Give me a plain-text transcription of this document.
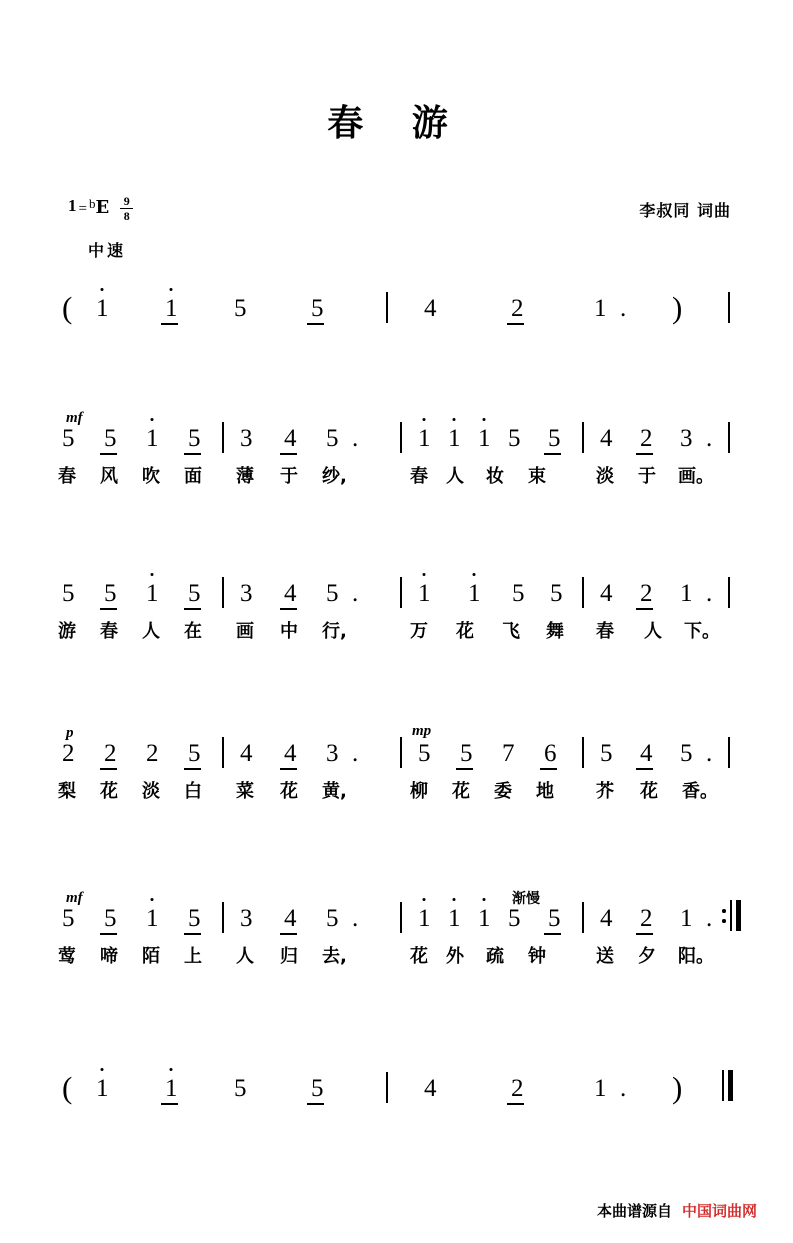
春 游
$1 = ^bE \frac{9}{8}$
中速
李叔同 词曲
( 1 1 5	5	4	2	1 . )
mf
5 5 1 5 3 4 5 . 1 1 1 5 5 4 2 3 .
春 风 吹 面 薄 于 纱,	春 人 妆 束	淡 于 画。
5 5 1 5 3 4 5 . 1 1 5 5 4 2 1 .
游 春 人 在 画 中 行,	万 花 飞 舞 春 人 下。
p	mp
2 2 2 5 4 4 3 . 5 5 7 6 5 4 5 .
梨 花 淡 白 菜 花 黄,	柳 花 委 地 芥 花 香。
mf	渐慢
5 5 1 5 3 4 5 . 1 1 1 5 5 4 2 1 .
莺 啼 陌 上 人 归 去,	花 外 疏 钟	送 夕 阳。
( 1 1 5	5	4	2	1 . )
本曲谱源自 中国词曲网
